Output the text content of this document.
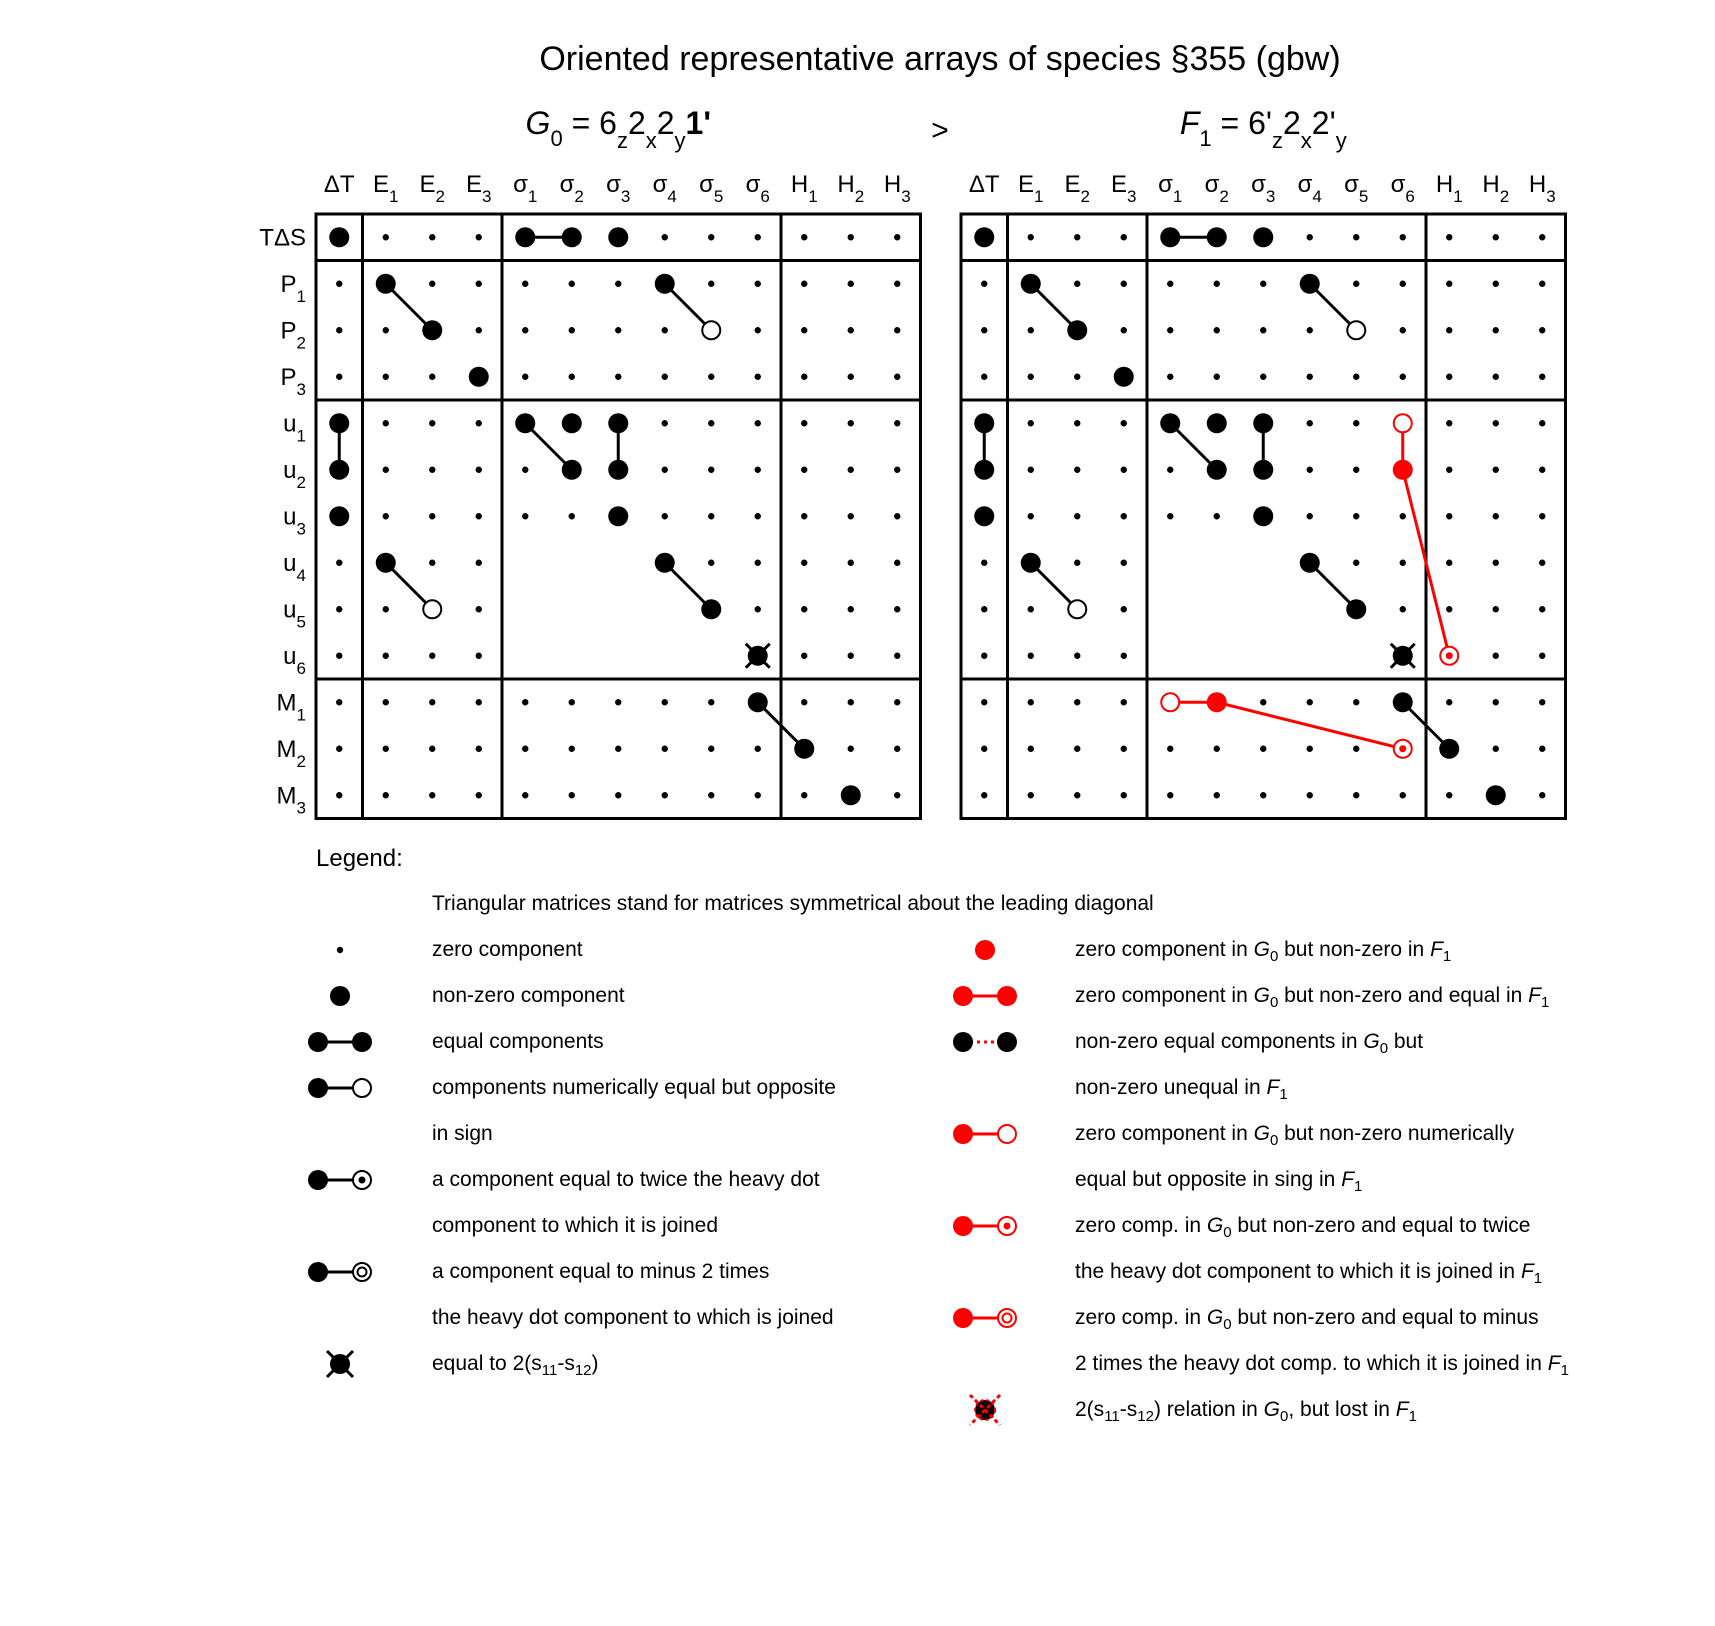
Oriented representative arrays of species §355 (gbw)
>
$G_0 = 6_z2_x2_y1'$
ΔT $E_1$ $E_2$ $E_3$ $\sigma_1$ $\sigma_2$ $\sigma_3$ $\sigma_4$ $\sigma_5$ $\sigma_6$ $H_1$ $H_2$ $H_3$
TΔS
$P_1$
$P_2$
$P_3$
$u_1$
$u_2$
$u_3$
$u_4$
$u_5$
$u_6$
$M_1$
$M_2$
$M_3$
$F_1 = 6'_z2_x2'_y$
ΔT $E_1$ $E_2$ $E_3$ $\sigma_1$ $\sigma_2$ $\sigma_3$ $\sigma_4$ $\sigma_5$ $\sigma_6$ $H_1$ $H_2$ $H_3$
Legend:
Triangular matrices stand for matrices symmetrical about the leading diagonal
zero component
non-zero component
equal components
components numerically equal but opposite
in sign
a component equal to twice the heavy dot
component to which it is joined
a component equal to minus 2 times
the heavy dot component to which is joined
equal to $2(s_{11}-s_{12})$
zero component in $G_0$ but non-zero in $F_1$
zero component in $G_0$ but non-zero and equal in $F_1$
non-zero equal components in $G_0$ but
non-zero unequal in $F_1$
zero component in $G_0$ but non-zero numerically
equal but opposite in sing in $F_1$
zero comp. in $G_0$ but non-zero and equal to twice
the heavy dot component to which it is joined in $F_1$
zero comp. in $G_0$ but non-zero and equal to minus
2 times the heavy dot comp. to which it is joined in $F_1$
$2(s_{11}-s_{12})$ relation in $G_0$, but lost in $F_1$
